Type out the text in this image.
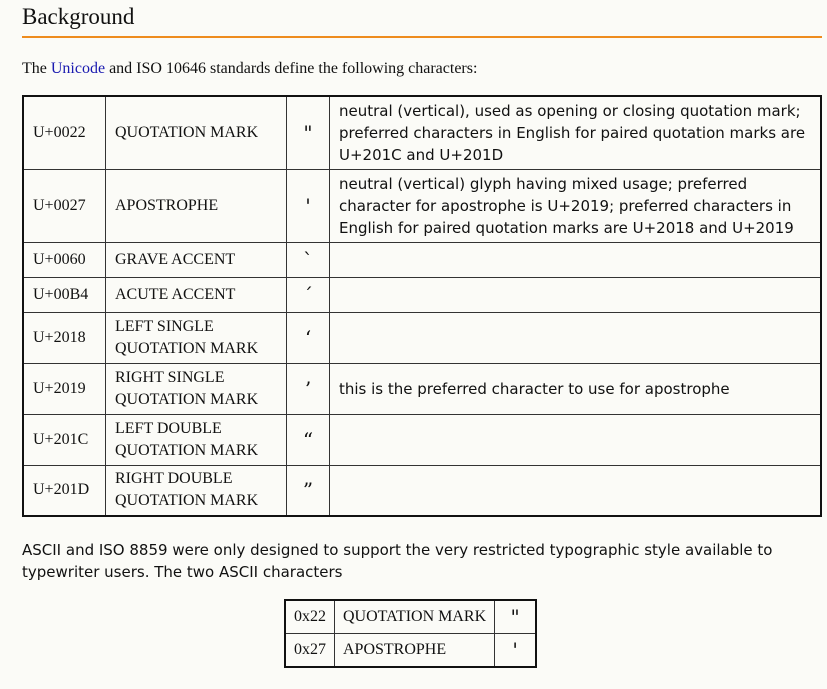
Background

The Unicode and ISO 10646 standards define the following characters:

U+0022	QUOTATION MARK	"	neutral (vertical), used as opening or closing quotation mark; preferred characters in English for paired quotation marks are U+201C and U+201D
U+0027	APOSTROPHE	'	neutral (vertical) glyph having mixed usage; preferred character for apostrophe is U+2019; preferred characters in English for paired quotation marks are U+2018 and U+2019
U+0060	GRAVE ACCENT	`	
U+00B4	ACUTE ACCENT	´	
U+2018	LEFT SINGLE QUOTATION MARK	‘	
U+2019	RIGHT SINGLE QUOTATION MARK	’	this is the preferred character to use for apostrophe
U+201C	LEFT DOUBLE QUOTATION MARK	“	
U+201D	RIGHT DOUBLE QUOTATION MARK	”	

ASCII and ISO 8859 were only designed to support the very restricted typographic style available to typewriter users. The two ASCII characters

0x22	QUOTATION MARK	"
0x27	APOSTROPHE	'
